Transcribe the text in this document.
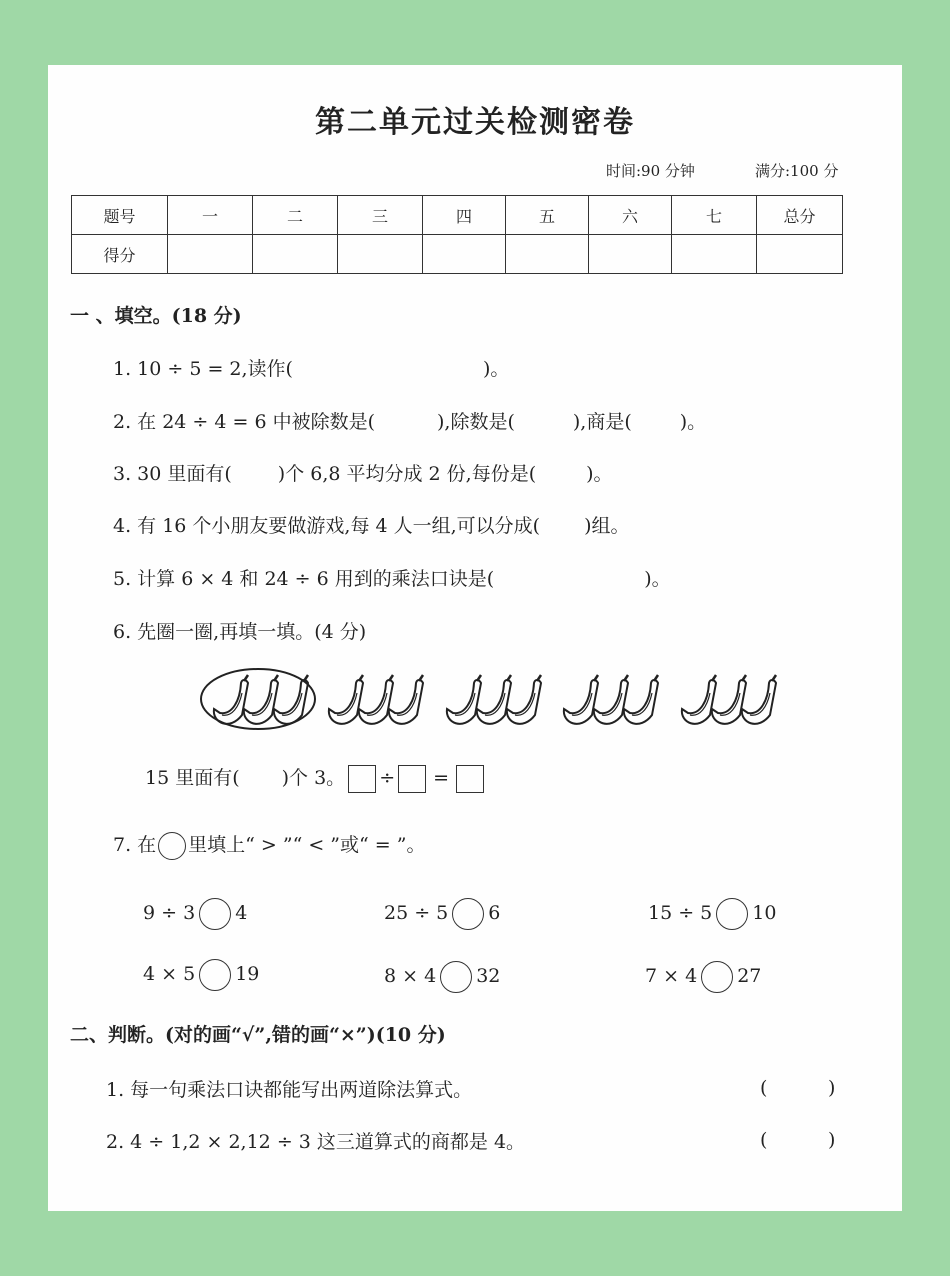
第二单元过关检测密卷
时间:90 分钟	满分:100 分
题号	一	二	三	四	五	六	七	总分
得分								
一 、填空。(18 分)
1. 10 ÷ 5 = 2,读作(	)。
2. 在 24 ÷ 4 = 6 中被除数是(	),除数是(	),商是(	)。
3. 30 里面有( )个 6,8 平均分成 2 份,每份是(	)。
4. 有 16 个小朋友要做游戏,每 4 人一组,可以分成( )组。
5. 计算 6 × 4 和 24 ÷ 6 用到的乘法口诀是(	)。
6. 先圈一圈,再填一填。(4 分)
15 里面有( )个 3。 ÷ =
7. 在 里填上“ > ”“ < ”或“ = ”。
9 ÷ 3 4	25 ÷ 5 6	15 ÷ 5 10
4 × 5 19	8 × 4 32	7 × 4 27
二、判断。(对的画“√”,错的画“×”)(10 分)
1. 每一句乘法口诀都能写出两道除法算式。	(	)
2. 4 ÷ 1,2 × 2,12 ÷ 3 这三道算式的商都是 4。	(	)
